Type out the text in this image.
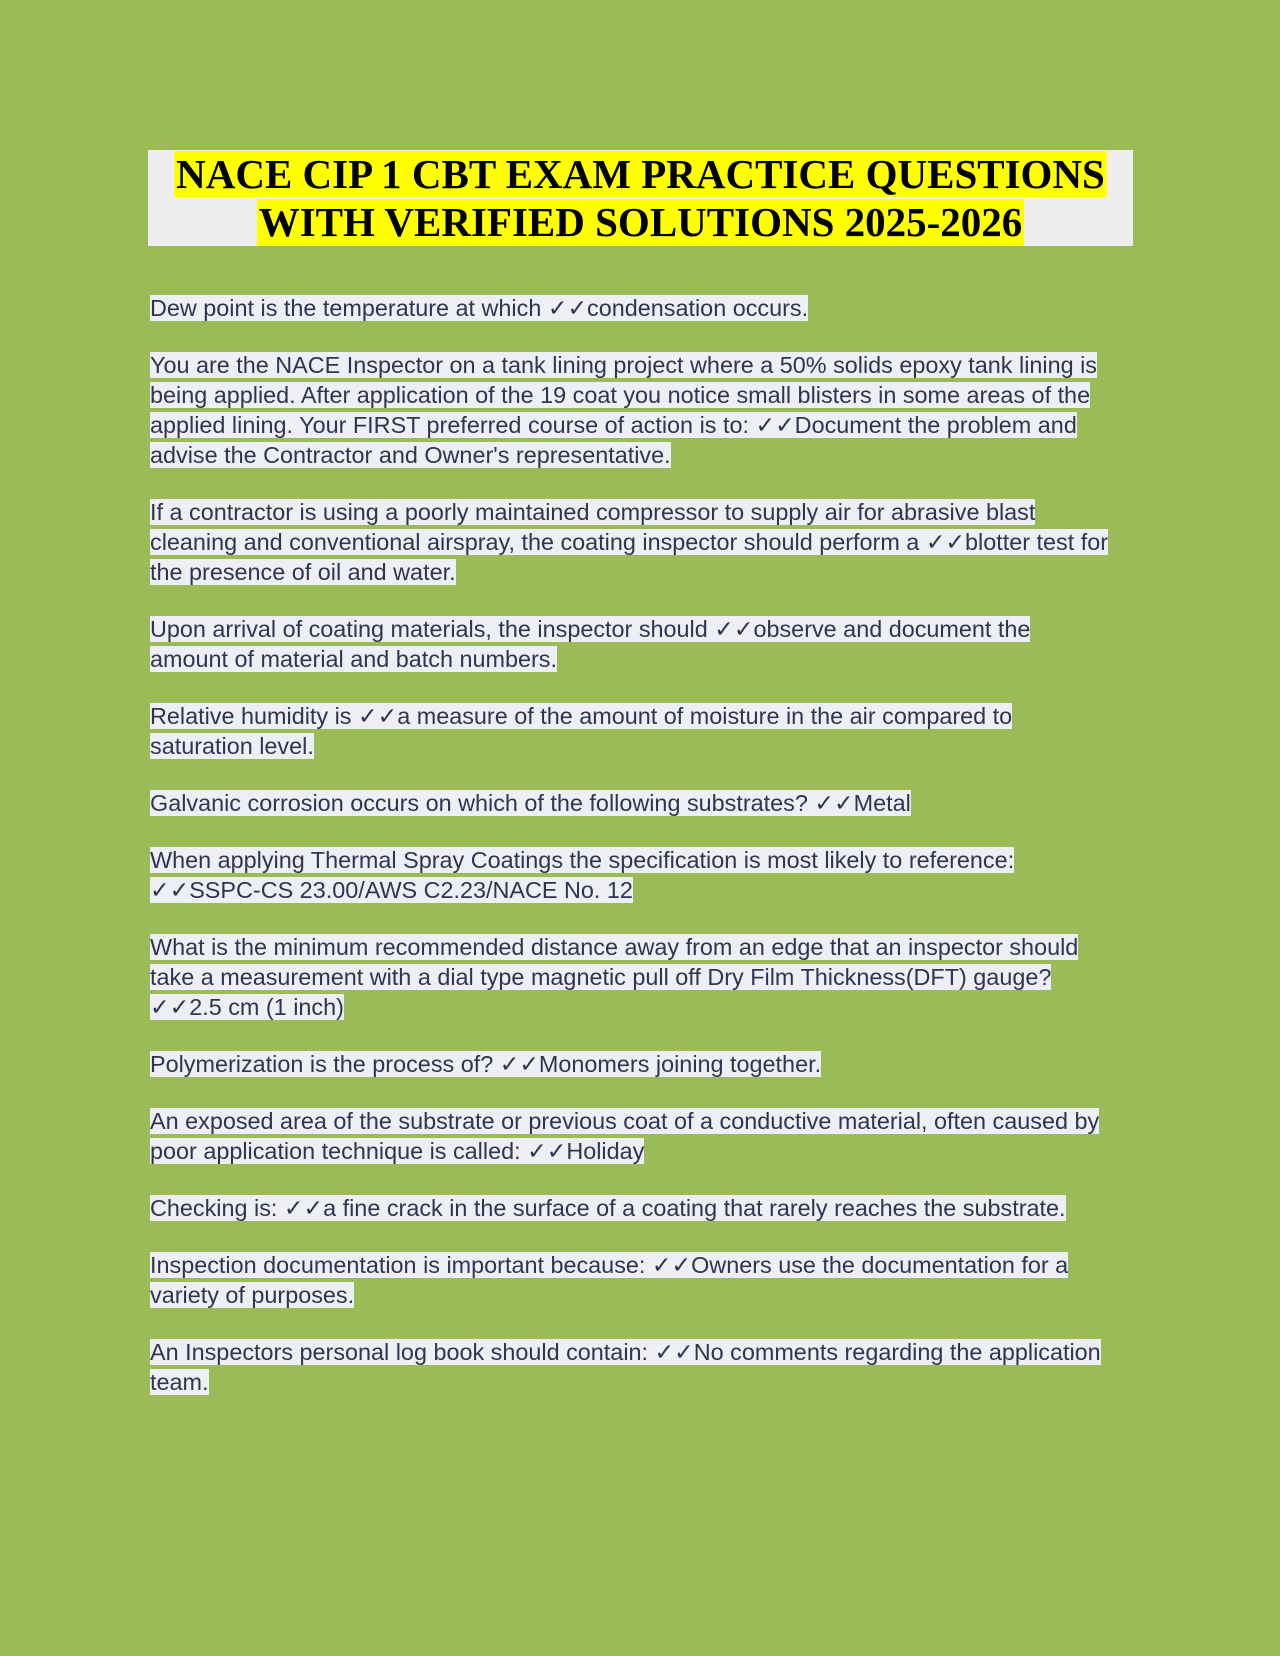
NACE CIP 1 CBT EXAM PRACTICE QUESTIONS
WITH VERIFIED SOLUTIONS 2025-2026

Dew point is the temperature at which ✓✓condensation occurs.

You are the NACE Inspector on a tank lining project where a 50% solids epoxy tank lining is being applied. After application of the 19 coat you notice small blisters in some areas of the applied lining. Your FIRST preferred course of action is to: ✓✓Document the problem and advise the Contractor and Owner's representative.

If a contractor is using a poorly maintained compressor to supply air for abrasive blast cleaning and conventional airspray, the coating inspector should perform a ✓✓blotter test for the presence of oil and water.

Upon arrival of coating materials, the inspector should ✓✓observe and document the amount of material and batch numbers.

Relative humidity is ✓✓a measure of the amount of moisture in the air compared to saturation level.

Galvanic corrosion occurs on which of the following substrates? ✓✓Metal

When applying Thermal Spray Coatings the specification is most likely to reference: ✓✓SSPC-CS 23.00/AWS C2.23/NACE No. 12

What is the minimum recommended distance away from an edge that an inspector should take a measurement with a dial type magnetic pull off Dry Film Thickness(DFT) gauge? ✓✓2.5 cm (1 inch)

Polymerization is the process of? ✓✓Monomers joining together.

An exposed area of the substrate or previous coat of a conductive material, often caused by poor application technique is called: ✓✓Holiday

Checking is: ✓✓a fine crack in the surface of a coating that rarely reaches the substrate.

Inspection documentation is important because: ✓✓Owners use the documentation for a variety of purposes.

An Inspectors personal log book should contain: ✓✓No comments regarding the application team.
